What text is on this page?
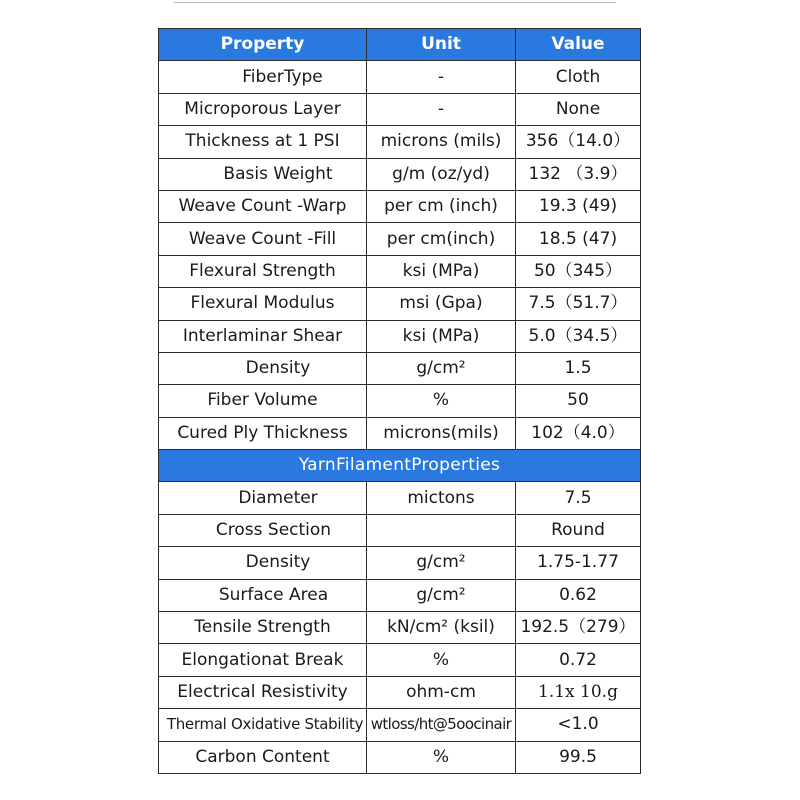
Property	Unit	Value
FiberType	-	Cloth
Microporous Layer	-	None
Thickness at 1 PSI	microns (mils)	356（14.0）
Basis Weight	g/m (oz/yd)	132 （3.9）
Weave Count -Warp	per cm (inch)	19.3 (49)
Weave Count -Fill	per cm(inch)	18.5 (47)
Flexural Strength	ksi (MPa)	50（345）
Flexural Modulus	msi (Gpa)	7.5（51.7）
Interlaminar Shear	ksi (MPa)	5.0（34.5）
Density	g/cm²	1.5
Fiber Volume	%	50
Cured Ply Thickness	microns(mils)	102（4.0）
YarnFilamentProperties		
Diameter	mictons	7.5
Cross Section		Round
Density	g/cm²	1.75-1.77
Surface Area	g/cm²	0.62
Tensile Strength	kN/cm² (ksil)	192.5（279）
Elongationat Break	%	0.72
Electrical Resistivity	ohm-cm	1.1x 10.g
Thermal Oxidative Stability	wtloss/ht@5oocinair	<1.0
Carbon Content	%	99.5
